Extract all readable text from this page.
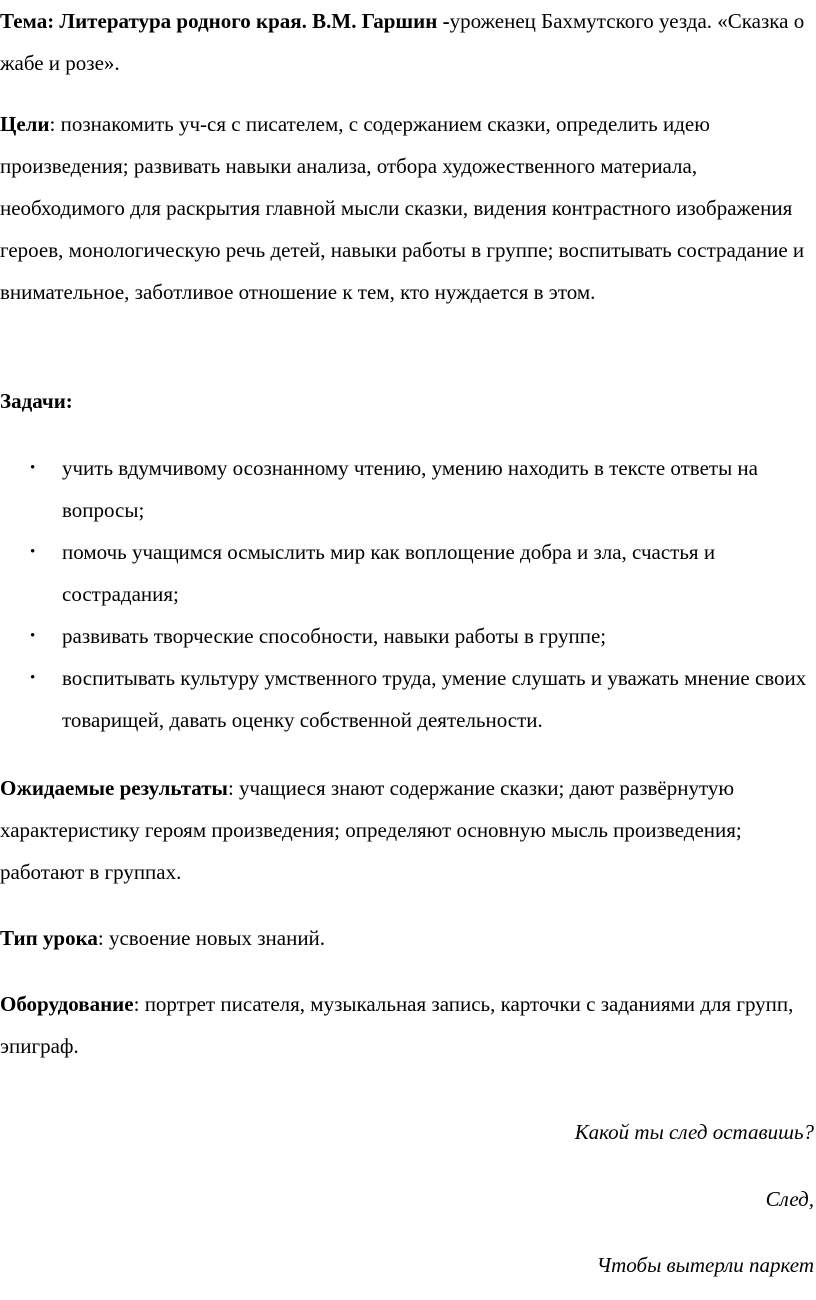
Тема: Литература родного края. В.М. Гаршин -уроженец Бахмутского уезда. «Сказка о жабе и розе».

Цели: познакомить уч-ся с писателем, с содержанием сказки, определить идею произведения; развивать навыки анализа, отбора художественного материала, необходимого для раскрытия главной мысли сказки, видения контрастного изображения героев, монологическую речь детей, навыки работы в группе; воспитывать сострадание и внимательное, заботливое отношение к тем, кто нуждается в этом.

Задачи:

• учить вдумчивому осознанному чтению, умению находить в тексте ответы на вопросы;
• помочь учащимся осмыслить мир как воплощение добра и зла, счастья и сострадания;
• развивать творческие способности, навыки работы в группе;
• воспитывать культуру умственного труда, умение слушать и уважать мнение своих товарищей, давать оценку собственной деятельности.

Ожидаемые результаты: учащиеся знают содержание сказки; дают развёрнутую характеристику героям произведения; определяют основную мысль произведения; работают в группах.

Тип урока: усвоение новых знаний.

Оборудование: портрет писателя, музыкальная запись, карточки с заданиями для групп, эпиграф.

Какой ты след оставишь?

След,

Чтобы вытерли паркет
